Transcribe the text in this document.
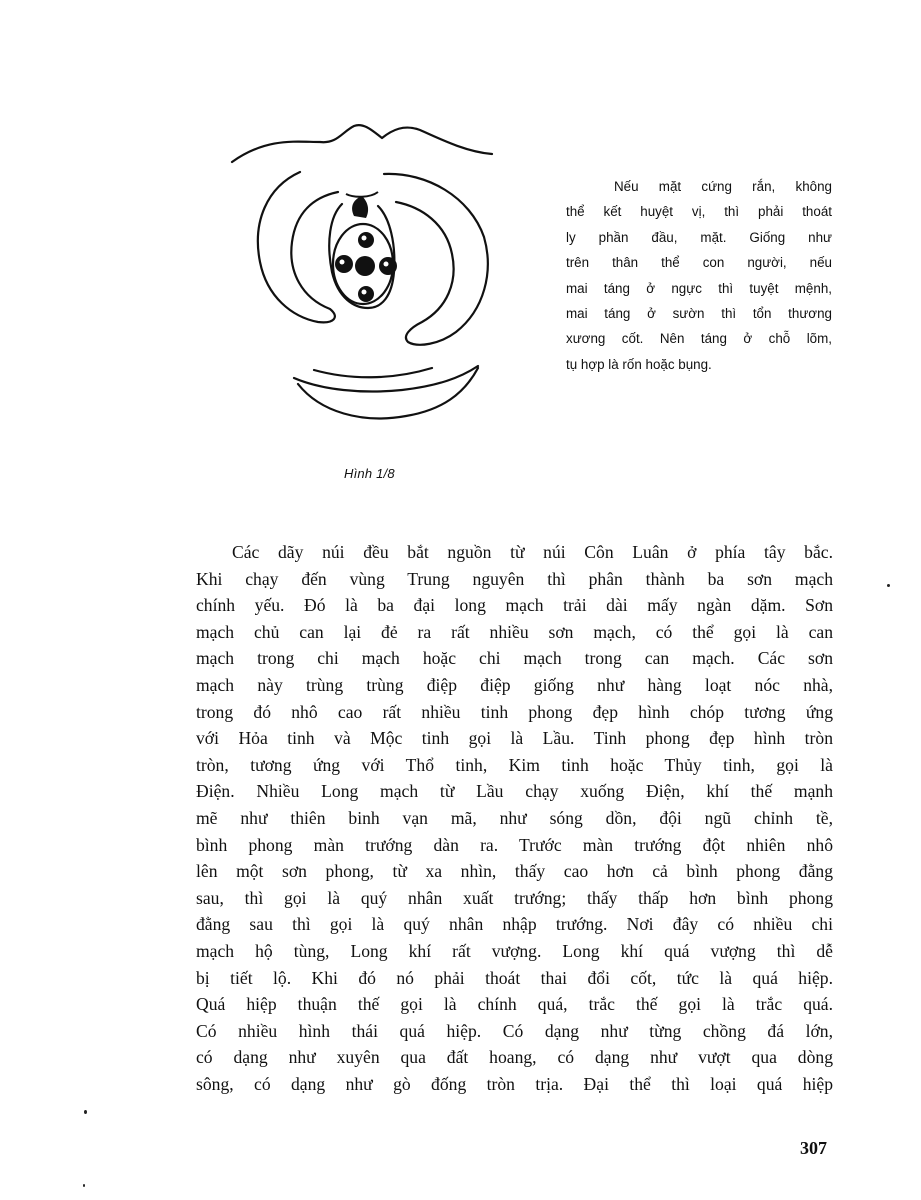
Hình 1/8
Nếu mặt cứng rắn, không
thể kết huyệt vị, thì phải thoát
ly phần đầu, mặt. Giống như
trên thân thể con người, nếu
mai táng ở ngực thì tuyệt mệnh,
mai táng ở sườn thì tổn thương
xương cốt. Nên táng ở chỗ lõm,
tụ hợp là rốn hoặc bụng.
Các dãy núi đều bắt nguồn từ núi Côn Luân ở phía tây bắc.
Khi chạy đến vùng Trung nguyên thì phân thành ba sơn mạch
chính yếu. Đó là ba đại long mạch trải dài mấy ngàn dặm. Sơn
mạch chủ can lại đẻ ra rất nhiều sơn mạch, có thể gọi là can
mạch trong chi mạch hoặc chi mạch trong can mạch. Các sơn
mạch này trùng trùng điệp điệp giống như hàng loạt nóc nhà,
trong đó nhô cao rất nhiều tinh phong đẹp hình chóp tương ứng
với Hỏa tinh và Mộc tinh gọi là Lầu. Tinh phong đẹp hình tròn
tròn, tương ứng với Thổ tinh, Kim tinh hoặc Thủy tinh, gọi là
Điện. Nhiều Long mạch từ Lầu chạy xuống Điện, khí thế mạnh
mẽ như thiên binh vạn mã, như sóng dồn, đội ngũ chỉnh tề,
bình phong màn trướng dàn ra. Trước màn trướng đột nhiên nhô
lên một sơn phong, từ xa nhìn, thấy cao hơn cả bình phong đằng
sau, thì gọi là quý nhân xuất trướng; thấy thấp hơn bình phong
đằng sau thì gọi là quý nhân nhập trướng. Nơi đây có nhiều chi
mạch hộ tùng, Long khí rất vượng. Long khí quá vượng thì dễ
bị tiết lộ. Khi đó nó phải thoát thai đổi cốt, tức là quá hiệp.
Quá hiệp thuận thế gọi là chính quá, trắc thế gọi là trắc quá.
Có nhiều hình thái quá hiệp. Có dạng như từng chồng đá lớn,
có dạng như xuyên qua đất hoang, có dạng như vượt qua dòng
sông, có dạng như gò đống tròn trịa. Đại thể thì loại quá hiệp
307
